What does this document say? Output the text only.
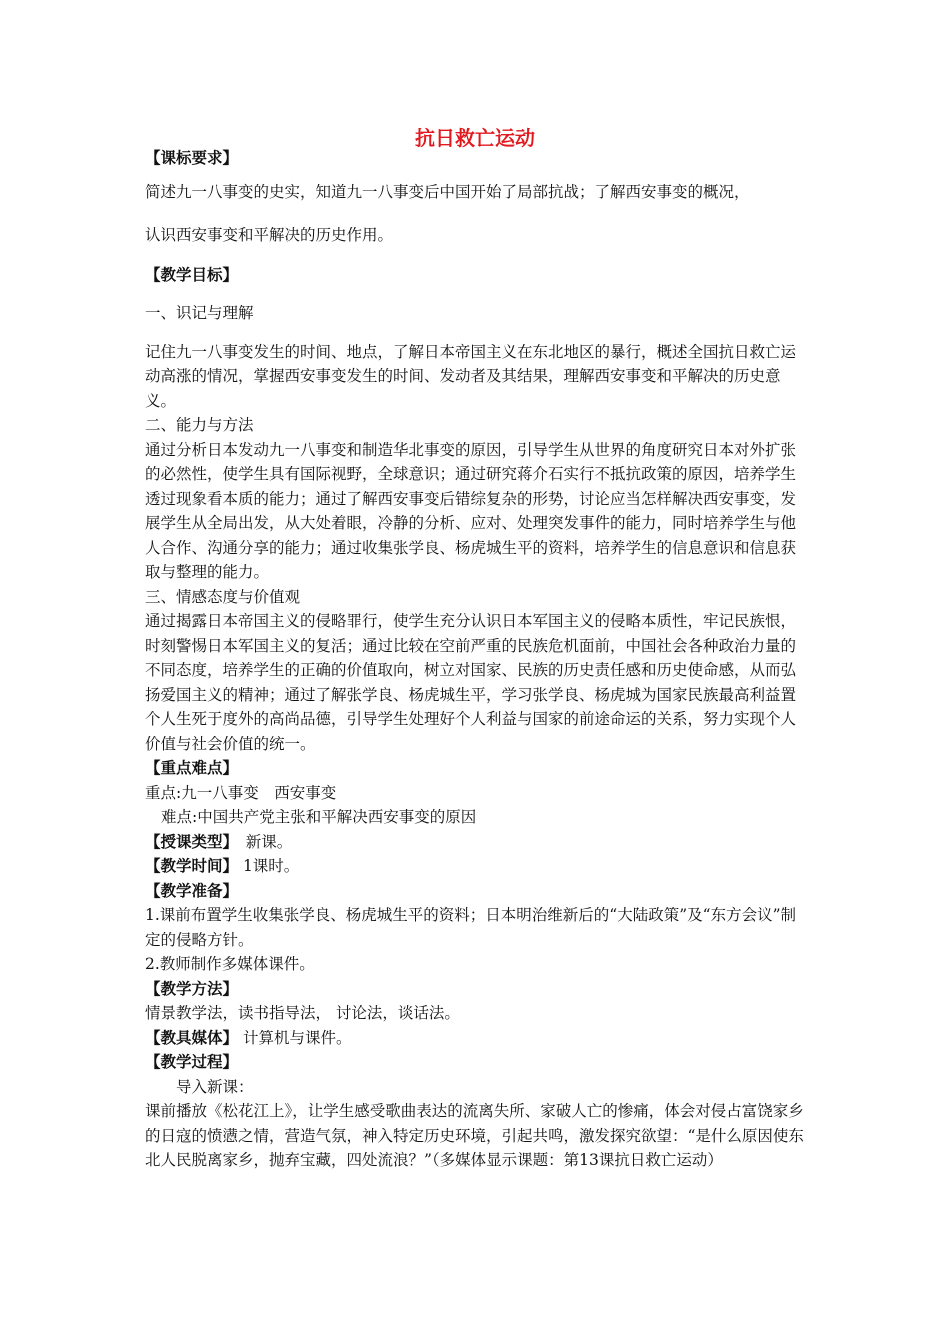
抗日救亡运动
【课标要求】
简述九一八事变的史实，知道九一八事变后中国开始了局部抗战；了解西安事变的概况，
认识西安事变和平解决的历史作用。
【教学目标】
一、识记与理解
记住九一八事变发生的时间、地点，了解日本帝国主义在东北地区的暴行，概述全国抗日救亡运动高涨的情况，掌握西安事变发生的时间、发动者及其结果，理解西安事变和平解决的历史意义。
二、能力与方法
通过分析日本发动九一八事变和制造华北事变的原因，引导学生从世界的角度研究日本对外扩张的必然性，使学生具有国际视野，全球意识；通过研究蒋介石实行不抵抗政策的原因，培养学生透过现象看本质的能力；通过了解西安事变后错综复杂的形势，讨论应当怎样解决西安事变，发展学生从全局出发，从大处着眼，冷静的分析、应对、处理突发事件的能力，同时培养学生与他人合作、沟通分享的能力；通过收集张学良、杨虎城生平的资料，培养学生的信息意识和信息获取与整理的能力。
三、情感态度与价值观
通过揭露日本帝国主义的侵略罪行，使学生充分认识日本军国主义的侵略本质性，牢记民族恨，时刻警惕日本军国主义的复活；通过比较在空前严重的民族危机面前，中国社会各种政治力量的不同态度，培养学生的正确的价值取向，树立对国家、民族的历史责任感和历史使命感，从而弘扬爱国主义的精神；通过了解张学良、杨虎城生平，学习张学良、杨虎城为国家民族最高利益置个人生死于度外的高尚品德，引导学生处理好个人利益与国家的前途命运的关系，努力实现个人价值与社会价值的统一。
【重点难点】
重点:九一八事变　西安事变
难点:中国共产党主张和平解决西安事变的原因
【授课类型】　新课。
【教学时间】 1课时。
【教学准备】
1.课前布置学生收集张学良、杨虎城生平的资料；日本明治维新后的“大陆政策”及“东方会议”制定的侵略方针。
2.教师制作多媒体课件。
【教学方法】
情景教学法，读书指导法， 讨论法，谈话法。
【教具媒体】 计算机与课件。
【教学过程】
导入新课：
课前播放《松花江上》，让学生感受歌曲表达的流离失所、家破人亡的惨痛，体会对侵占富饶家乡的日寇的愤懑之情，营造气氛，神入特定历史环境，引起共鸣，激发探究欲望：“是什么原因使东北人民脱离家乡，抛弃宝藏，四处流浪？”（多媒体显示课题：第13课抗日救亡运动）
